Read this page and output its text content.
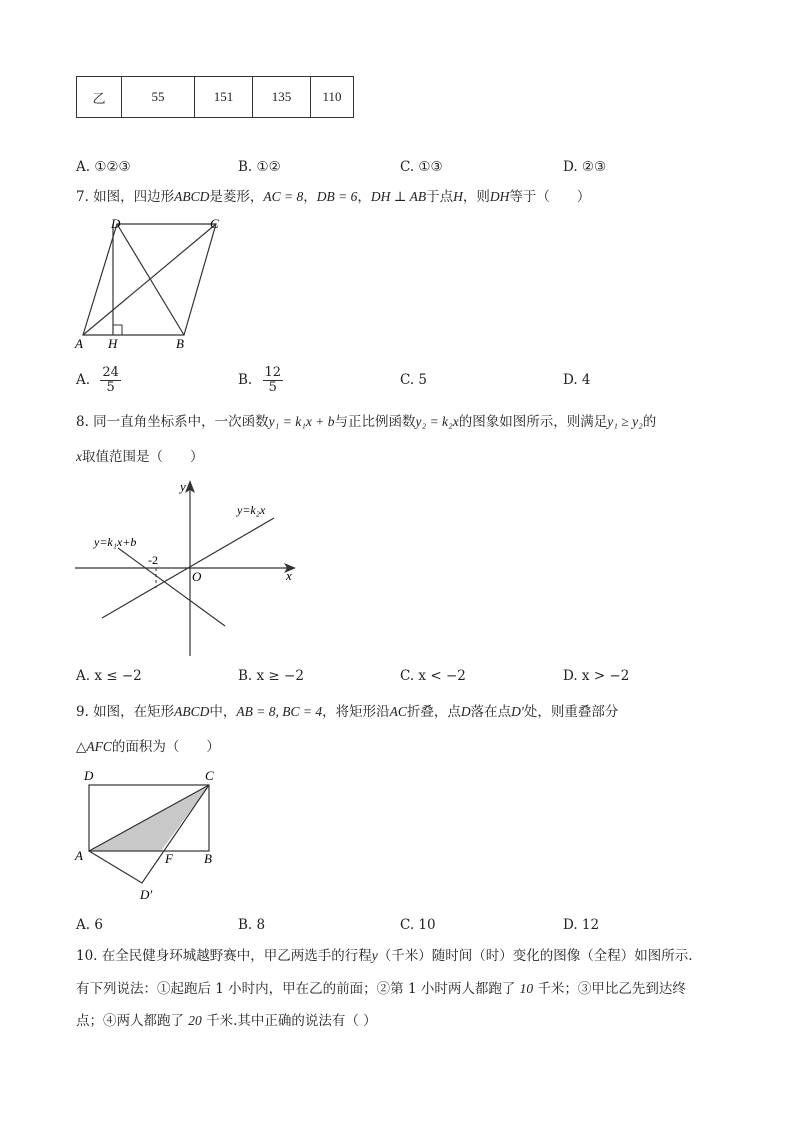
乙	55	151	135	110
A. ①②③	B. ①②	C. ①③	D. ②③
7. 如图，四边形ABCD是菱形，AC = 8，DB = 6，DH ⊥ AB于点H，则DH等于（　　）
D	C
A H	B
A. $\frac{24}{5}$	B. $\frac{12}{5}$	C. 5	D. 4
8. 同一直角坐标系中，一次函数y₁ = k₁x + b与正比例函数y₂ = k₂x的图象如图所示，则满足y₁ ≥ y₂的
x取值范围是（　　）
y
x
O
-2
y=k₂x
y=k₁x+b
A. x ≤ −2	B. x ≥ −2	C. x < −2	D. x > −2
9. 如图，在矩形ABCD中，AB = 8, BC = 4，将矩形沿AC折叠，点D落在点D′处，则重叠部分
△AFC的面积为（　　）
D	C
A	F B
D′
A. 6	B. 8	C. 10	D. 12
10. 在全民健身环城越野赛中，甲乙两选手的行程y（千米）随时间（时）变化的图像（全程）如图所示.
有下列说法：①起跑后 1 小时内，甲在乙的前面；②第 1 小时两人都跑了 10 千米；③甲比乙先到达终
点；④两人都跑了 20 千米.其中正确的说法有（ ）
